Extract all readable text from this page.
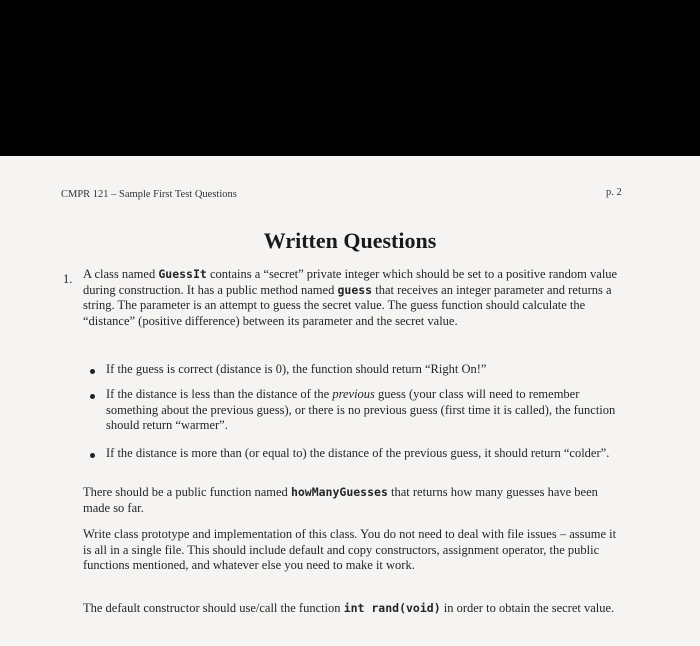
CMPR 121 – Sample First Test Questions	p. 2
Written Questions
1. A class named GuessIt contains a “secret” private integer which should be set to a positive random value during construction. It has a public method named guess that receives an integer parameter and returns a string. The parameter is an attempt to guess the secret value. The guess function should calculate the “distance” (positive difference) between its parameter and the secret value.

If the guess is correct (distance is 0), the function should return “Right On!”
If the distance is less than the distance of the previous guess (your class will need to remember something about the previous guess), or there is no previous guess (first time it is called), the function should return “warmer”.
If the distance is more than (or equal to) the distance of the previous guess, it should return “colder”.

There should be a public function named howManyGuesses that returns how many guesses have been made so far.

Write class prototype and implementation of this class. You do not need to deal with file issues – assume it is all in a single file. This should include default and copy constructors, assignment operator, the public functions mentioned, and whatever else you need to make it work.

The default constructor should use/call the function int rand(void) in order to obtain the secret value.
